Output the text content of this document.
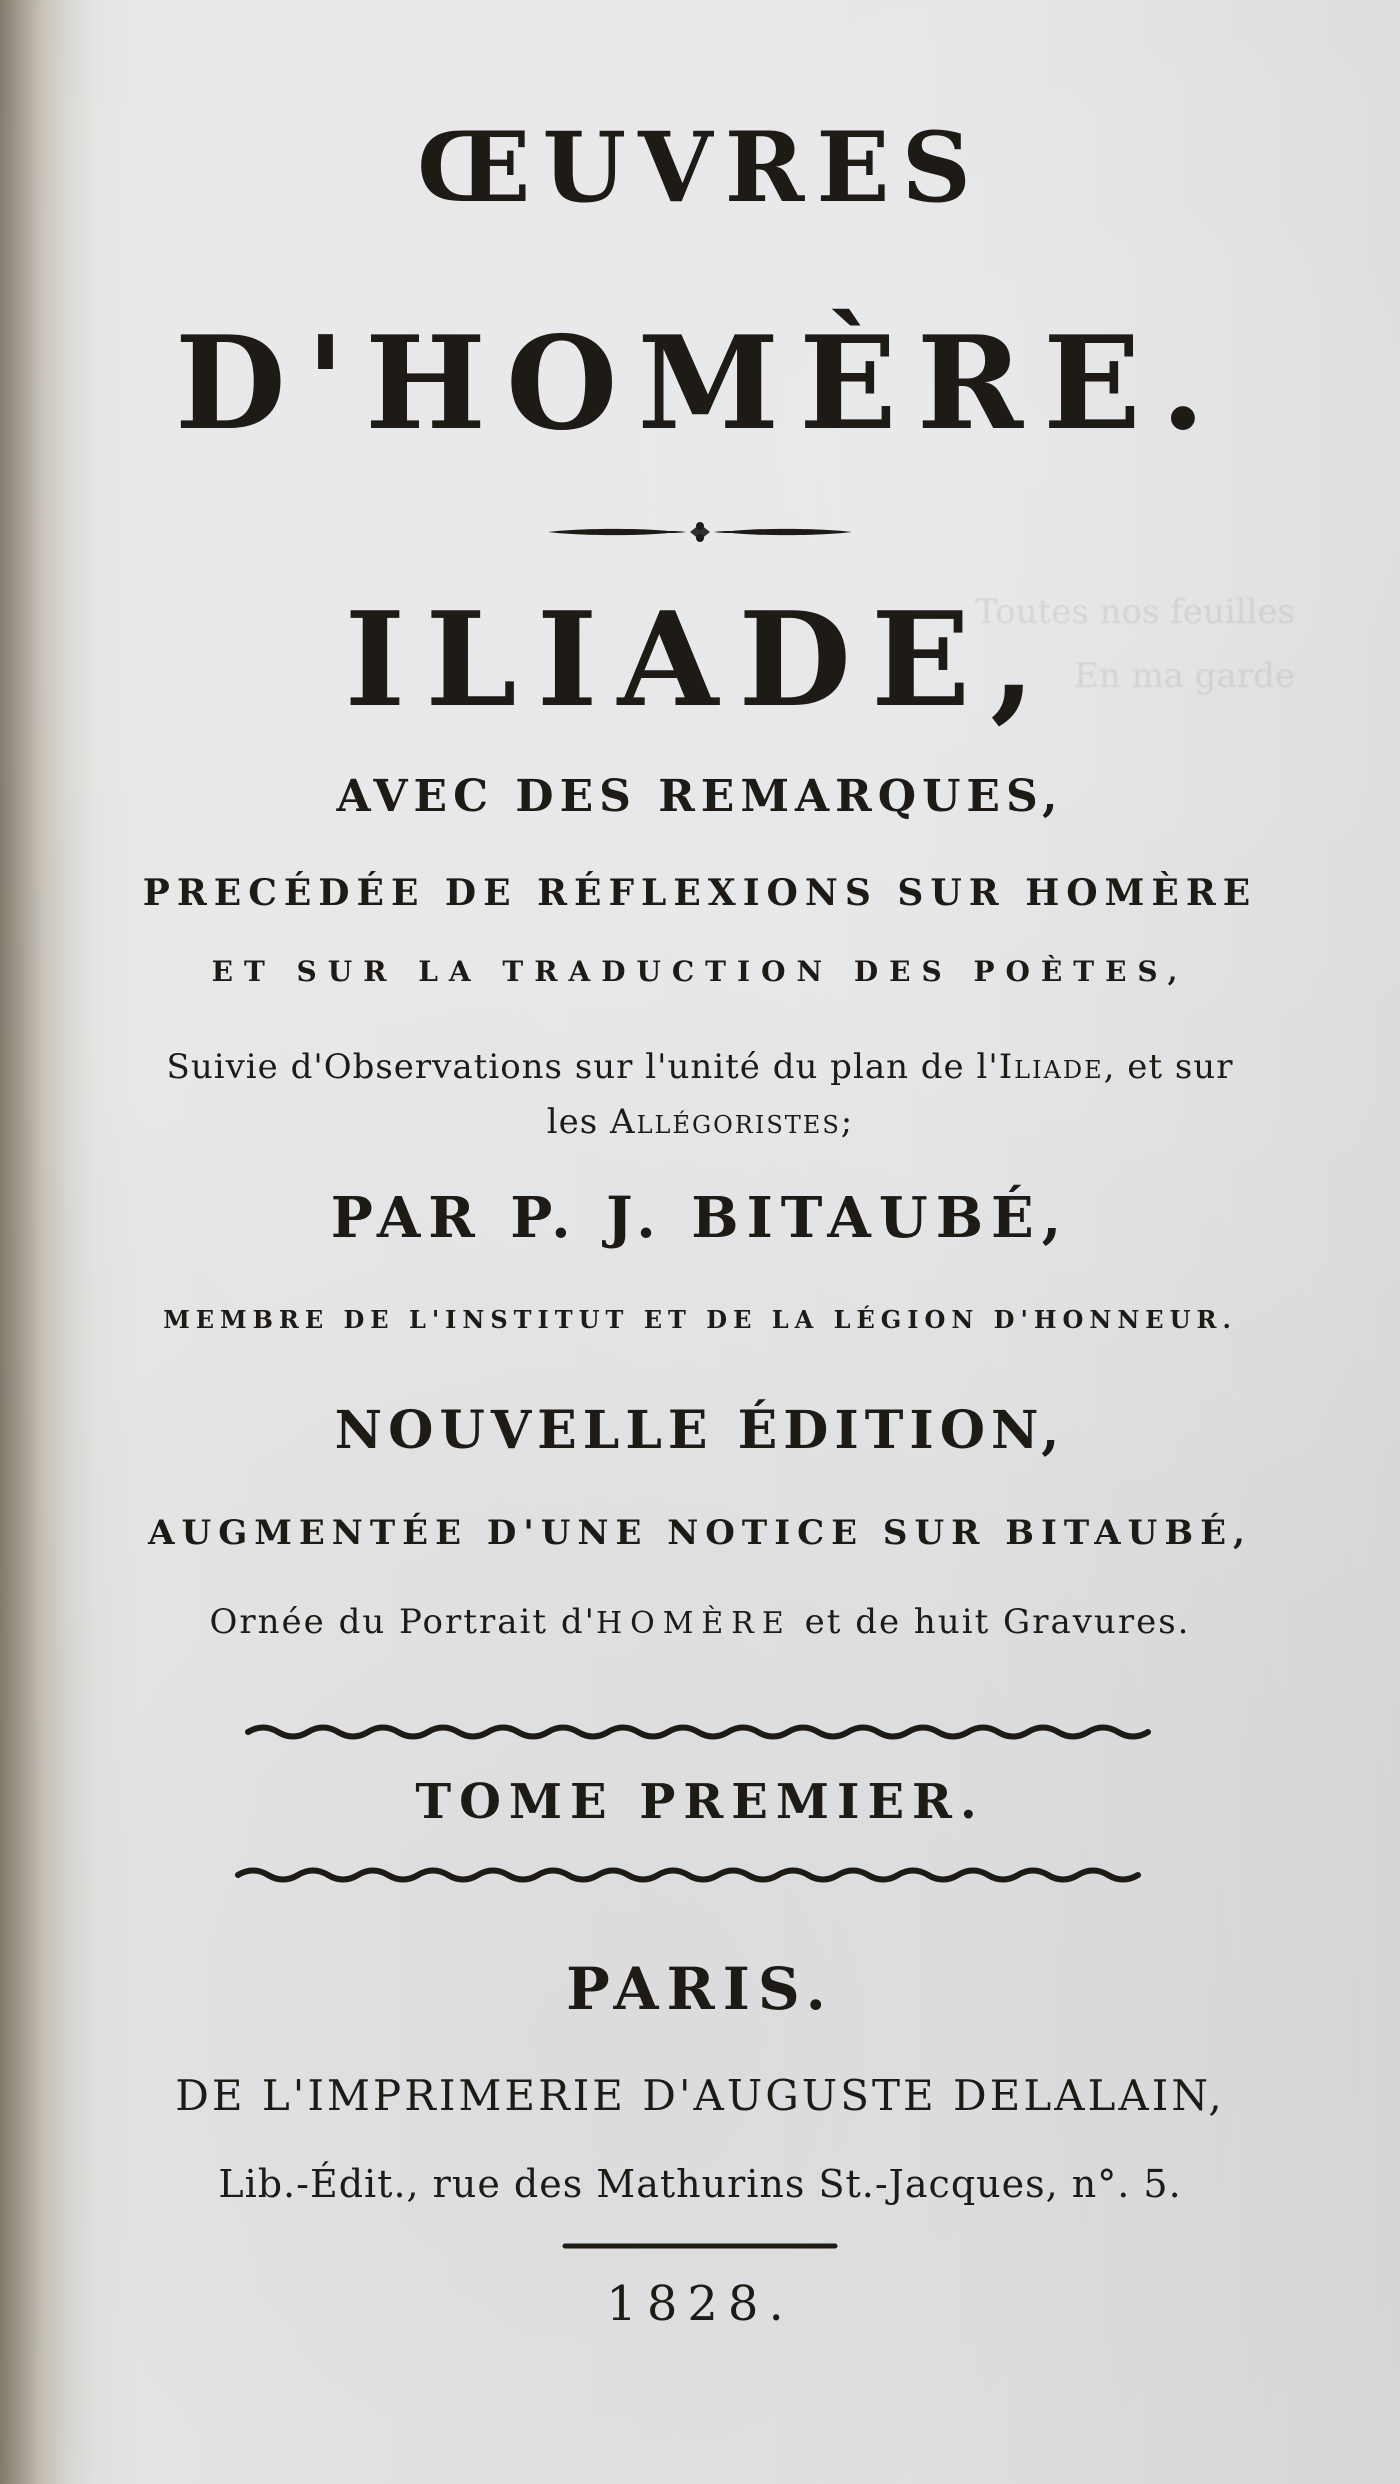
Toutes nos feuilles
En ma garde
ŒUVRES
D'HOMÈRE.
ILIADE,
AVEC DES REMARQUES,
PRECÉDÉE DE RÉFLEXIONS SUR HOMÈRE
ET SUR LA TRADUCTION DES POÈTES,
Suivie d'Observations sur l'unité du plan de l'Iliade, et sur
les Allégoristes;
PAR P. J. BITAUBÉ,
MEMBRE DE L'INSTITUT ET DE LA LÉGION D'HONNEUR.
NOUVELLE ÉDITION,
AUGMENTÉE D'UNE NOTICE SUR BITAUBÉ,
Ornée du Portrait d'HOMÈRE et de huit Gravures.
TOME PREMIER.
PARIS.
DE L'IMPRIMERIE D'AUGUSTE DELALAIN,
Lib.-Édit., rue des Mathurins St.-Jacques, n°. 5.
1828.
